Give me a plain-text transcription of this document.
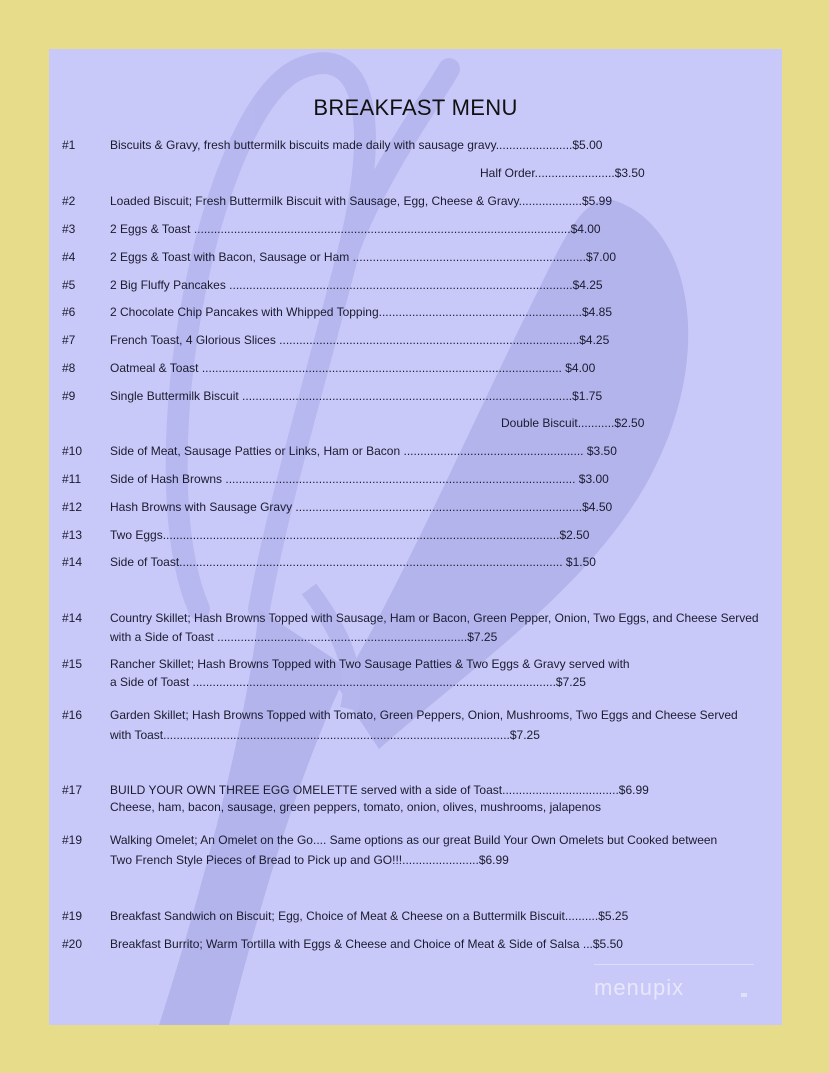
BREAKFAST MENU
#1	Biscuits & Gravy, fresh buttermilk biscuits made daily with sausage gravy.......................$5.00
Half Order........................$3.50
#2	Loaded Biscuit; Fresh Buttermilk Biscuit with Sausage, Egg, Cheese & Gravy...................$5.99
#3	2 Eggs & Toast .................................................................................................................$4.00
#4	2 Eggs & Toast with Bacon, Sausage or Ham ......................................................................$7.00
#5	2 Big Fluffy Pancakes .......................................................................................................$4.25
#6	2 Chocolate Chip Pancakes with Whipped Topping.............................................................$4.85
#7	French Toast, 4 Glorious Slices ..........................................................................................$4.25
#8	Oatmeal & Toast ............................................................................................................ $4.00
#9	Single Buttermilk Biscuit ...................................................................................................$1.75
Double Biscuit...........$2.50
#10 Side of Meat, Sausage Patties or Links, Ham or Bacon ...................................................... $3.50
#11 Side of Hash Browns ......................................................................................................... $3.00
#12 Hash Browns with Sausage Gravy ......................................................................................$4.50
#13 Two Eggs.......................................................................................................................$2.50
#14 Side of Toast................................................................................................................... $1.50
#14 Country Skillet; Hash Browns Topped with Sausage, Ham or Bacon, Green Pepper, Onion, Two Eggs, and Cheese Served
with a Side of Toast ...........................................................................$7.25
#15 Rancher Skillet; Hash Browns Topped with Two Sausage Patties & Two Eggs & Gravy served with
a Side of Toast .............................................................................................................$7.25
#16 Garden Skillet; Hash Browns Topped with Tomato, Green Peppers, Onion, Mushrooms, Two Eggs and Cheese Served
with Toast........................................................................................................$7.25
#17 BUILD YOUR OWN THREE EGG OMELETTE served with a side of Toast...................................$6.99
Cheese, ham, bacon, sausage, green peppers, tomato, onion, olives, mushrooms, jalapenos
#19 Walking Omelet; An Omelet on the Go.... Same options as our great Build Your Own Omelets but Cooked between
Two French Style Pieces of Bread to Pick up and GO!!!.......................$6.99
#19 Breakfast Sandwich on Biscuit; Egg, Choice of Meat & Cheese on a Buttermilk Biscuit..........$5.25
#20 Breakfast Burrito; Warm Tortilla with Eggs & Cheese and Choice of Meat & Side of Salsa ...$5.50
menupix
